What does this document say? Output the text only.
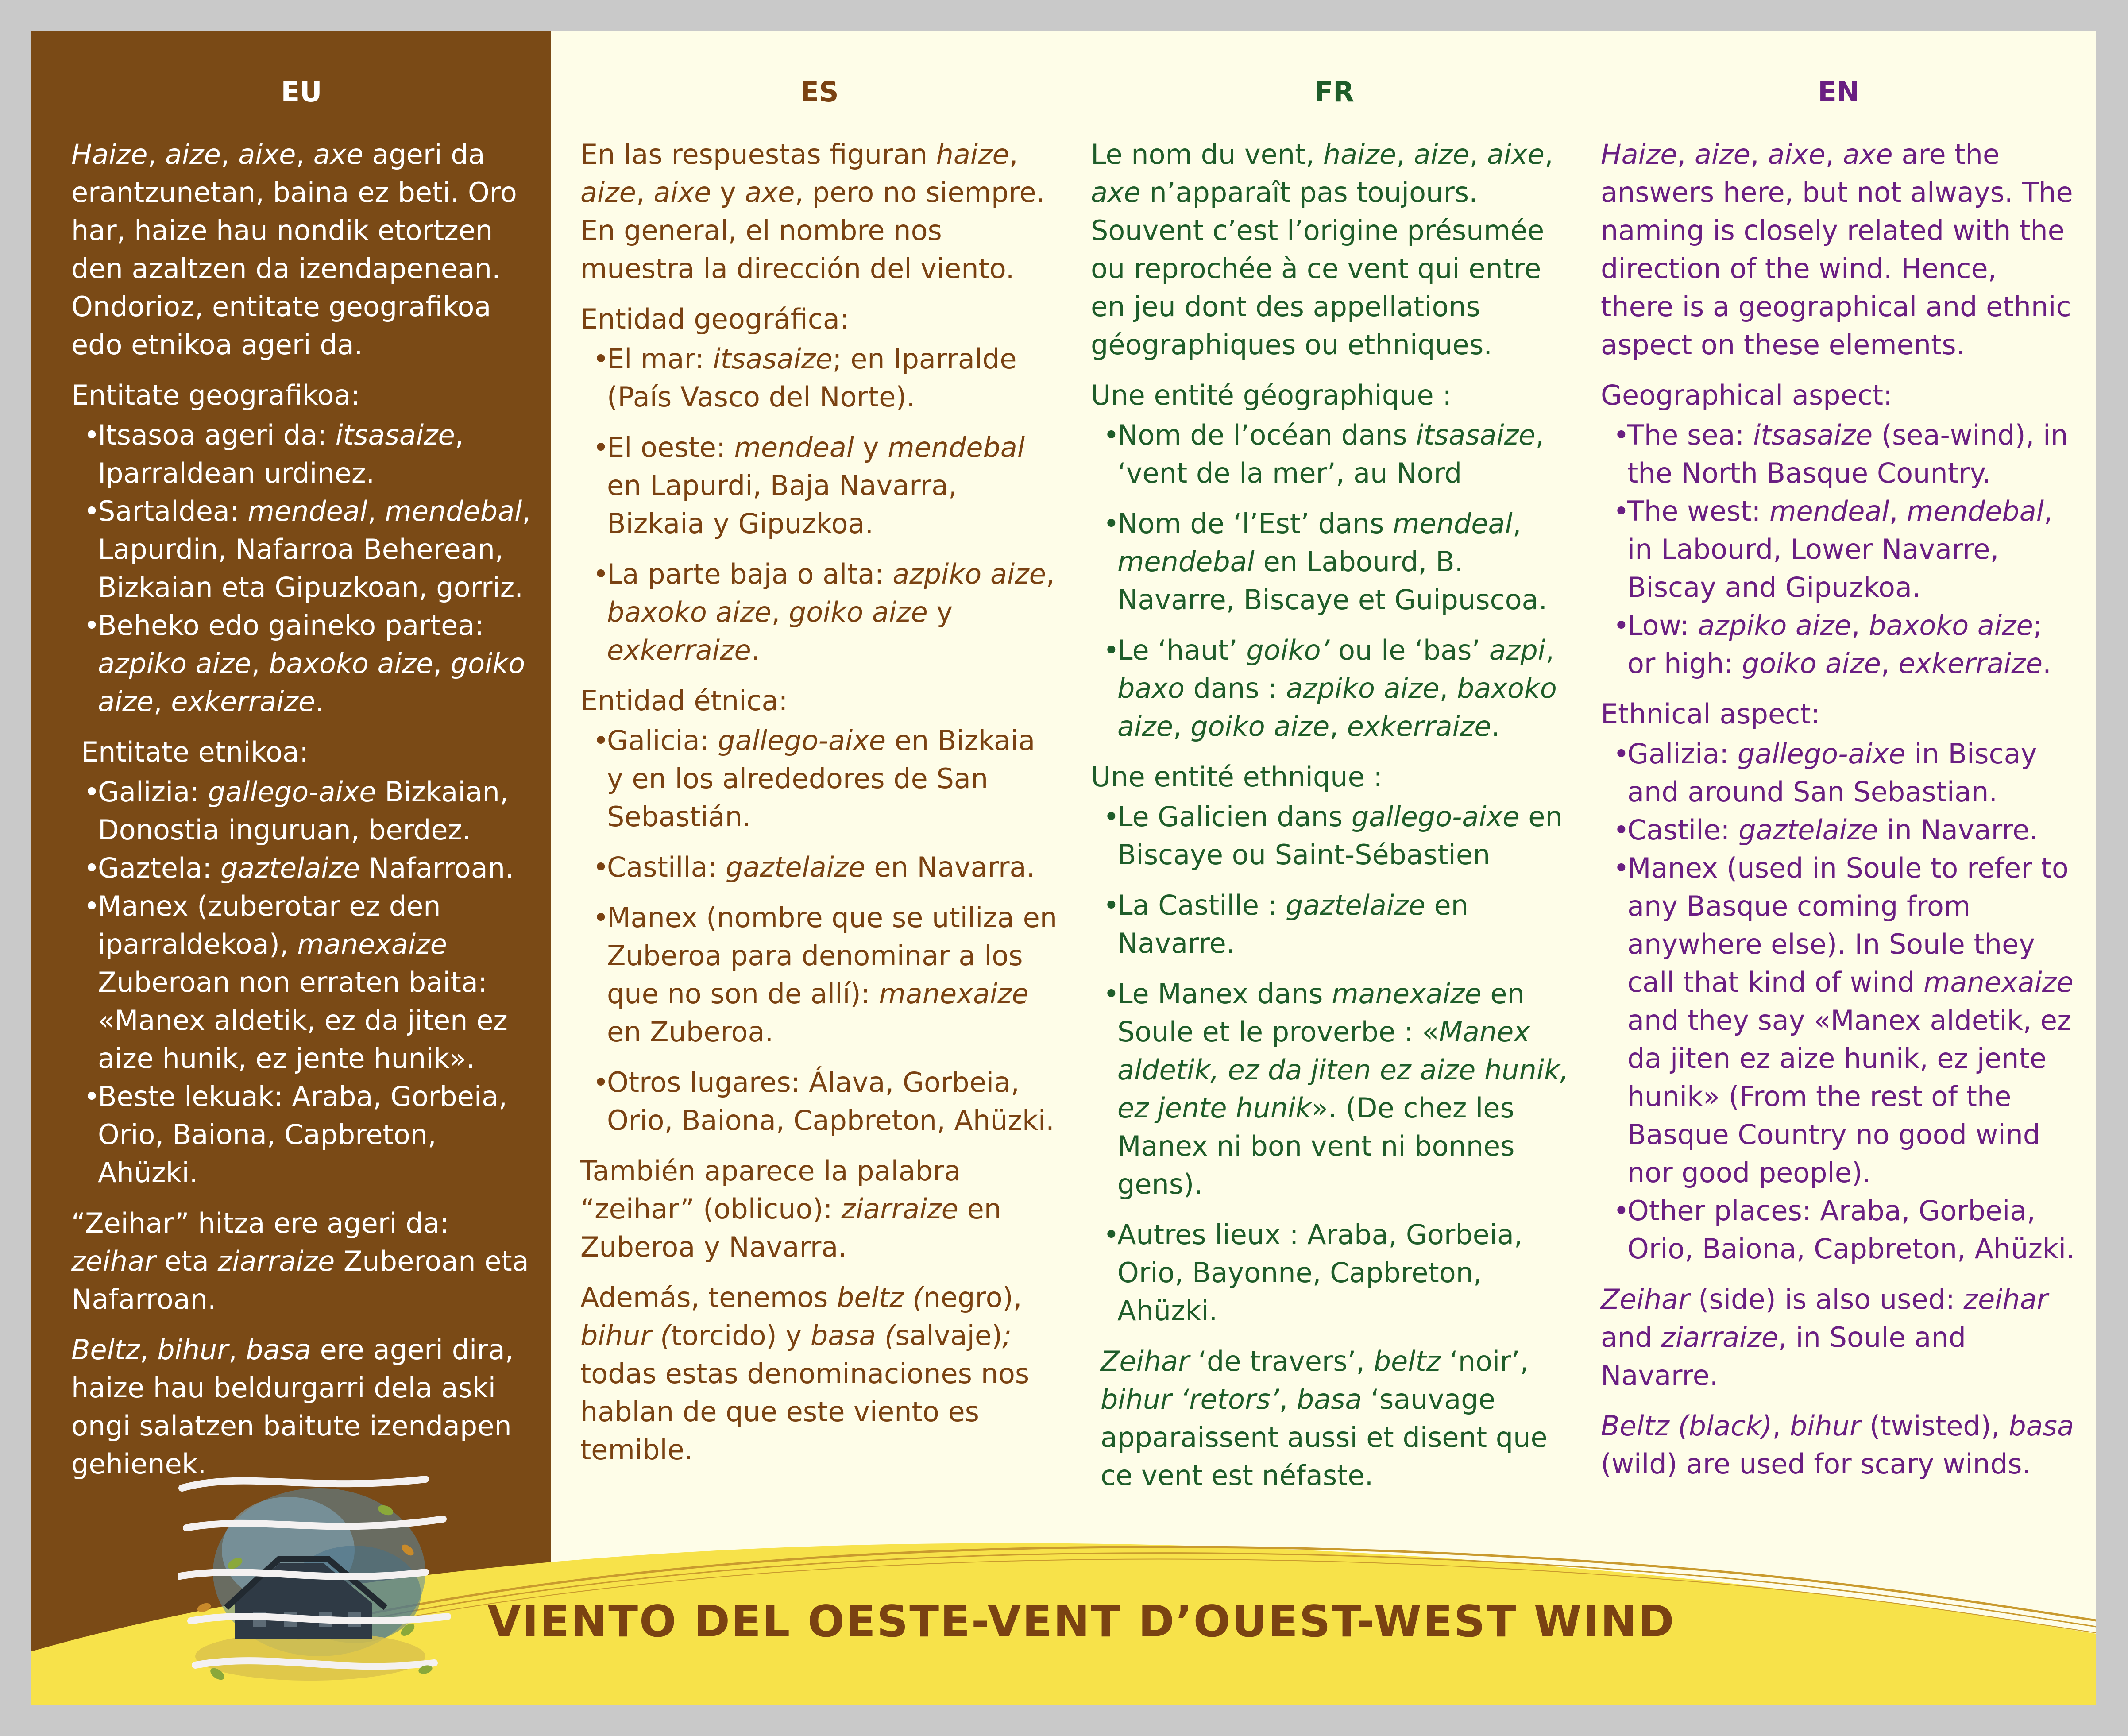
EU

Haize, aize, aixe, axe ageri da erantzunetan, baina ez beti. Oro har, haize hau nondik etortzen den azaltzen da izendapenean. Ondorioz, entitate geografikoa edo etnikoa ageri da.

Entitate geografikoa:

• Itsasoa ageri da: itsasaize, Iparraldean urdinez.
• Sartaldea: mendeal, mendebal, Lapurdin, Nafarroa Beherean, Bizkaian eta Gipuzkoan, gorriz.
• Beheko edo gaineko partea: azpiko aize, baxoko aize, goiko aize, exkerraize.

Entitate etnikoa:

• Galizia: gallego-aixe Bizkaian, Donostia inguruan, berdez.
• Gaztela: gaztelaize Nafarroan.
• Manex (zuberotar ez den iparraldekoa), manexaize Zuberoan non erraten baita: «Manex aldetik, ez da jiten ez aize hunik, ez jente hunik».
• Beste lekuak: Araba, Gorbeia, Orio, Baiona, Capbreton, Ahüzki.

“Zeihar” hitza ere ageri da: zeihar eta ziarraize Zuberoan eta Nafarroan.

Beltz, bihur, basa ere ageri dira, haize hau beldurgarri dela aski ongi salatzen baitute izendapen gehienek.

ES

En las respuestas figuran haize, aize, aixe y axe, pero no siempre. En general, el nombre nos muestra la dirección del viento.

Entidad geográfica:

• El mar: itsasaize; en Iparralde (País Vasco del Norte).
• El oeste: mendeal y mendebal en Lapurdi, Baja Navarra, Bizkaia y Gipuzkoa.
• La parte baja o alta: azpiko aize, baxoko aize, goiko aize y exkerraize.

Entidad étnica:

• Galicia: gallego-aixe en Bizkaia y en los alrededores de San Sebastián.
• Castilla: gaztelaize en Navarra.
• Manex (nombre que se utiliza en Zuberoa para denominar a los que no son de allí): manexaize en Zuberoa.
• Otros lugares: Álava, Gorbeia, Orio, Baiona, Capbreton, Ahüzki.

También aparece la palabra “zeihar” (oblicuo): ziarraize en Zuberoa y Navarra.

Además, tenemos beltz (negro), bihur (torcido) y basa (salvaje); todas estas denominaciones nos hablan de que este viento es temible.

FR

Le nom du vent, haize, aize, aixe, axe n’apparaît pas toujours. Souvent c’est l’origine présumée ou reprochée à ce vent qui entre en jeu dont des appellations géographiques ou ethniques.

Une entité géographique :

• Nom de l’océan dans itsasaize, ‘vent de la mer’, au Nord
• Nom de ‘l’Est’ dans mendeal, mendebal en Labourd, B. Navarre, Biscaye et Guipuscoa.
• Le ‘haut’ goiko’ ou le ‘bas’ azpi, baxo dans : azpiko aize, baxoko aize, goiko aize, exkerraize.

Une entité ethnique :

• Le Galicien dans gallego-aixe en Biscaye ou Saint-Sébastien
• La Castille : gaztelaize en Navarre.
• Le Manex dans manexaize en Soule et le proverbe : «Manex aldetik, ez da jiten ez aize hunik, ez jente hunik». (De chez les Manex ni bon vent ni bonnes gens).
• Autres lieux : Araba, Gorbeia, Orio, Bayonne, Capbreton, Ahüzki.

Zeihar ‘de travers’, beltz ‘noir’, bihur ‘retors’, basa ‘sauvage apparaissent aussi et disent que ce vent est néfaste.

EN

Haize, aize, aixe, axe are the answers here, but not always. The naming is closely related with the direction of the wind. Hence, there is a geographical and ethnic aspect on these elements.

Geographical aspect:

• The sea: itsasaize (sea-wind), in the North Basque Country.
• The west: mendeal, mendebal, in Labourd, Lower Navarre, Biscay and Gipuzkoa.
• Low: azpiko aize, baxoko aize; or high: goiko aize, exkerraize.

Ethnical aspect:

• Galizia: gallego-aixe in Biscay and around San Sebastian.
• Castile: gaztelaize in Navarre.
• Manex (used in Soule to refer to any Basque coming from anywhere else). In Soule they call that kind of wind manexaize and they say «Manex aldetik, ez da jiten ez aize hunik, ez jente hunik» (From the rest of the Basque Country no good wind nor good people).
• Other places: Araba, Gorbeia, Orio, Baiona, Capbreton, Ahüzki.

Zeihar (side) is also used: zeihar and ziarraize, in Soule and Navarre.

Beltz (black), bihur (twisted), basa (wild) are used for scary winds.

VIENTO DEL OESTE-VENT D’OUEST-WEST WIND
